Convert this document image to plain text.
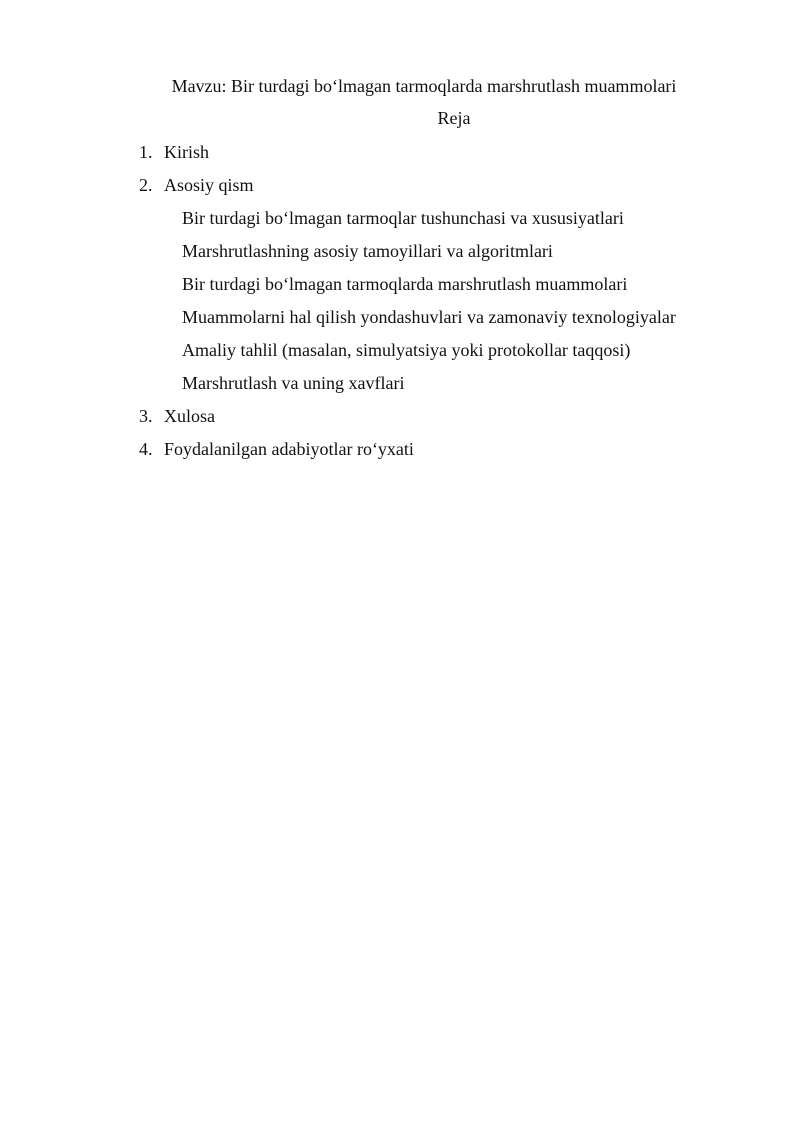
Mavzu: Bir turdagi bo‘lmagan tarmoqlarda marshrutlash muammolari
Reja
1. Kirish
2. Asosiy qism
Bir turdagi bo‘lmagan tarmoqlar tushunchasi va xususiyatlari
Marshrutlashning asosiy tamoyillari va algoritmlari
Bir turdagi bo‘lmagan tarmoqlarda marshrutlash muammolari
Muammolarni hal qilish yondashuvlari va zamonaviy texnologiyalar
Amaliy tahlil (masalan, simulyatsiya yoki protokollar taqqosi)
Marshrutlash va uning xavflari
3. Xulosa
4. Foydalanilgan adabiyotlar ro‘yxati
